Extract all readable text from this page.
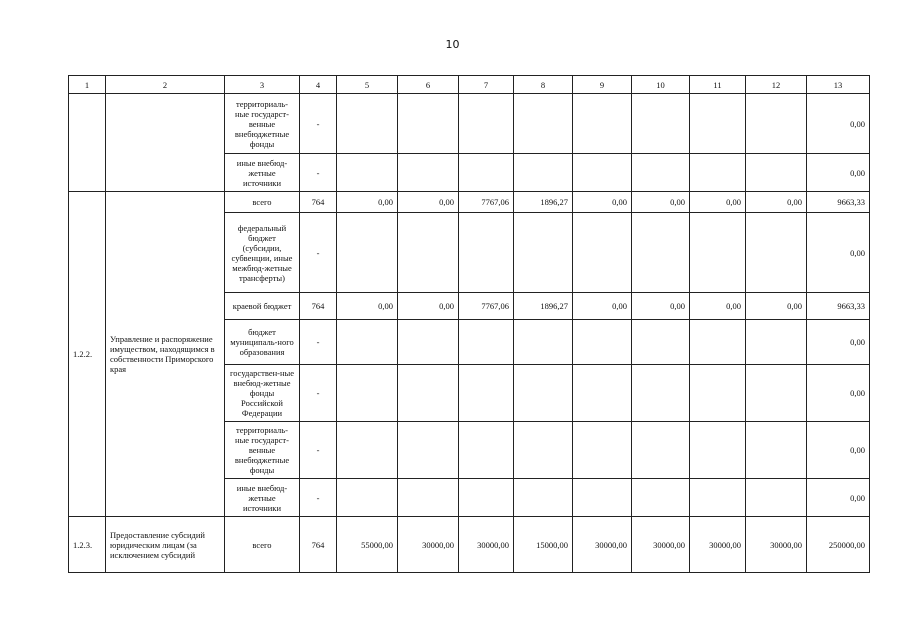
10
1	2	3	4	5	6	7	8	9	10	11	12	13
		территориаль-ные государст-венные внебюджетные фонды	-									0,00
		иные внебюд-жетные источники	-									0,00
1.2.2.	Управление и распоряжение имуществом, находящимся в собственности Приморского края	всего	764	0,00	0,00	7767,06	1896,27	0,00	0,00	0,00	0,00	9663,33
		федеральный бюджет (субсидии, субвенции, иные межбюд-жетные трансферты)	-									0,00
		краевой бюджет	764	0,00	0,00	7767,06	1896,27	0,00	0,00	0,00	0,00	9663,33
		бюджет муниципаль-ного образования	-									0,00
		государствен-ные внебюд-жетные фонды Российской Федерации	-									0,00
		территориаль-ные государст-венные внебюджетные фонды	-									0,00
		иные внебюд-жетные источники	-									0,00
1.2.3.	Предоставление субсидий юридическим лицам (за исключением субсидий	всего	764	55000,00	30000,00	30000,00	15000,00	30000,00	30000,00	30000,00	30000,00	250000,00
